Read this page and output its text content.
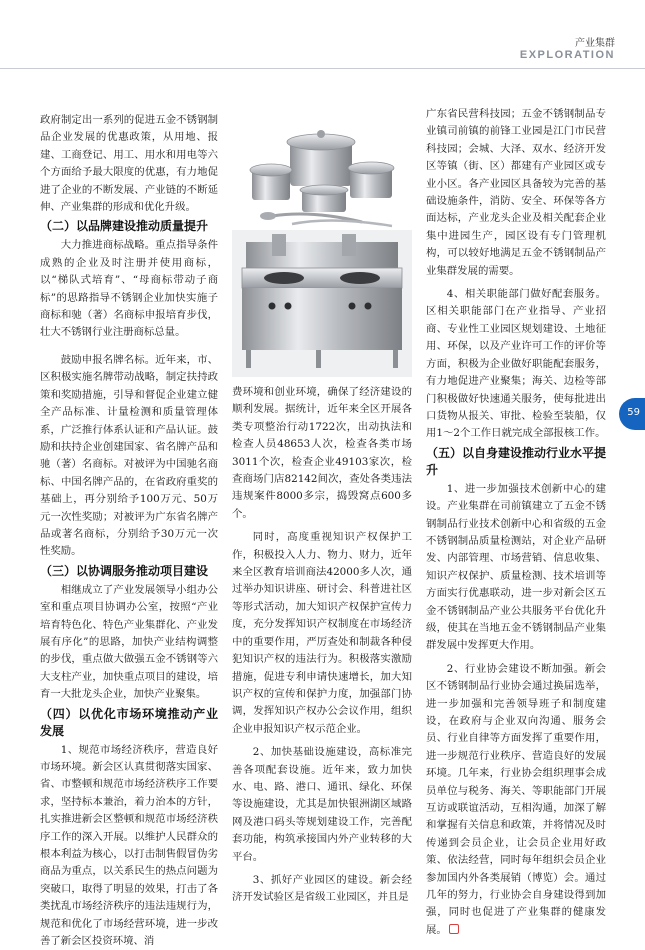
产业集群
EXPLORATION

政府制定出一系列的促进五金不锈钢制品企业发展的优惠政策，从用地、报建、工商登记、用工、用水和用电等六个方面给予最大限度的优惠，有力地促进了企业的不断发展、产业链的不断延伸、产业集群的形成和优化升级。

（二）以品牌建设推动质量提升

大力推进商标战略。重点指导条件成熟的企业及时注册并使用商标，以“梯队式培育”、“母商标带动子商标”的思路指导不锈钢企业加快实施子商标和驰（著）名商标申报培育步伐，壮大不锈钢行业注册商标总量。

鼓励申报名牌名标。近年来，市、区积极实施名牌带动战略，制定扶持政策和奖励措施，引导和督促企业建立健全产品标准、计量检测和质量管理体系，广泛推行体系认证和产品认证。鼓励和扶持企业创建国家、省名牌产品和驰（著）名商标。对被评为中国驰名商标、中国名牌产品的，在省政府重奖的基础上，再分别给予100万元、50万元一次性奖励；对被评为广东省名牌产品或著名商标，分别给予30万元一次性奖励。

（三）以协调服务推动项目建设

相继成立了产业发展领导小组办公室和重点项目协调办公室，按照“产业培育特色化、特色产业集群化、产业发展有序化”的思路，加快产业结构调整的步伐，重点做大做强五金不锈钢等六大支柱产业，加快重点项目的建设，培育一大批龙头企业，加快产业聚集。

（四）以优化市场环境推动产业发展

1、规范市场经济秩序，营造良好市场环境。新会区认真贯彻落实国家、省、市整顿和规范市场经济秩序工作要求，坚持标本兼治，着力治本的方针，扎实推进新会区整顿和规范市场经济秩序工作的深入开展。以维护人民群众的根本利益为核心，以打击制售假冒伪劣商品为重点，以关系民生的热点问题为突破口，取得了明显的效果，打击了各类扰乱市场经济秩序的违法违规行为，规范和优化了市场经营环境，进一步改善了新会区投资环境、消

费环境和创业环境，确保了经济建设的顺利发展。据统计，近年来全区开展各类专项整治行动1722次，出动执法和检查人员48653人次，检查各类市场3011个次，检查企业49103家次，检查商场门店82142间次，查处各类违法违规案件8000多宗，捣毁窝点600多个。

同时，高度重视知识产权保护工作，积极投入人力、物力、财力，近年来全区教育培训商法42000多人次，通过举办知识讲座、研讨会、科普进社区等形式活动，加大知识产权保护宣传力度，充分发挥知识产权制度在市场经济中的重要作用，严厉查处和制裁各种侵犯知识产权的违法行为。积极落实激励措施，促进专利申请快速增长，加大知识产权的宣传和保护力度，加强部门协调，发挥知识产权办公会议作用，组织企业申报知识产权示范企业。

2、加快基础设施建设，高标准完善各项配套设施。近年来，致力加快水、电、路、港口、通讯、绿化、环保等设施建设，尤其是加快银洲湖区域路网及港口码头等规划建设工作，完善配套功能，构筑承接国内外产业转移的大平台。

3、抓好产业园区的建设。新会经济开发试验区是省级工业园区，并且是

广东省民营科技园；五金不锈钢制品专业镇司前镇的前锋工业园是江门市民营科技园；会城、大泽、双水、经济开发区等镇（街、区）都建有产业园区或专业小区。各产业园区具备较为完善的基础设施条件，消防、安全、环保等各方面达标，产业龙头企业及相关配套企业集中进园生产，园区设有专门管理机构，可以较好地满足五金不锈钢制品产业集群发展的需要。

4、相关职能部门做好配套服务。区相关职能部门在产业指导、产业招商、专业性工业园区规划建设、土地征用、环保，以及产业许可工作的评价等方面，积极为企业做好职能配套服务，有力地促进产业聚集；海关、边检等部门积极做好快速通关服务，使每批进出口货物从报关、审批、检验至装船，仅用1～2个工作日就完成全部报核工作。

（五）以自身建设推动行业水平提升

1、进一步加强技术创新中心的建设。产业集群在司前镇建立了五金不锈钢制品行业技术创新中心和省级的五金不锈钢制品质量检测站，对企业产品研发、内部管理、市场营销、信息收集、知识产权保护、质量检测、技术培训等方面实行优惠联动，进一步对新会区五金不锈钢制品产业公共服务平台优化升级，使其在当地五金不锈钢制品产业集群发展中发挥更大作用。

2、行业协会建设不断加强。新会区不锈钢制品行业协会通过换届选举，进一步加强和完善领导班子和制度建设，在政府与企业双向沟通、服务会员、行业自律等方面发挥了重要作用，进一步规范行业秩序、营造良好的发展环境。几年来，行业协会组织理事会成员单位与税务、海关、等职能部门开展互访或联谊活动，互相沟通，加深了解和掌握有关信息和政策，并将情况及时传递到会员企业，让会员企业用好政策、依法经营，同时每年组织会员企业参加国内外各类展销（博览）会。通过几年的努力，行业协会自身建设得到加强，同时也促进了产业集群的健康发展。

59
